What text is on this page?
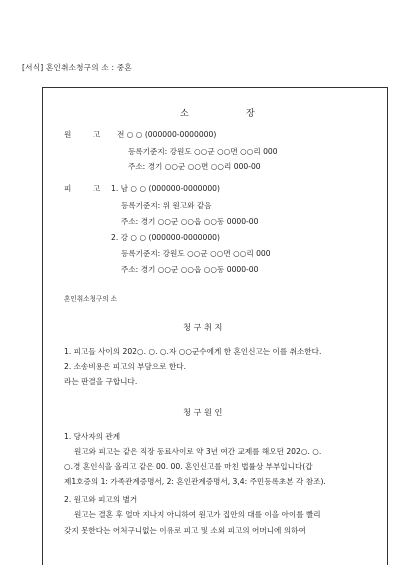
[서식] 혼인취소청구의 소 : 중혼
소	장
원	고 전 ○ ○ (000000-0000000)
등록기준지: 강원도 ○○군 ○○면 ○○리 000
주소: 경기 ○○군 ○○면 ○○리 000-00
피	고 1. 남 ○ ○ (000000-0000000)
등록기준지: 위 원고와 같음
주소: 경기 ○○군 ○○읍 ○○동 0000-00
2. 강 ○ ○ (000000-0000000)
등록기준지: 강원도 ○○군 ○○면 ○○리 000
주소: 경기 ○○군 ○○읍 ○○동 0000-00
혼인취소청구의 소
청 구 취 지
1. 피고들 사이의 202○. ○. ○.자 ○○군수에게 한 혼인신고는 이를 취소한다.
2. 소송비용은 피고의 부담으로 한다.
라는 판결을 구합니다.
청 구 원 인
1. 당사자의 관계
원고와 피고는 같은 직장 동료사이로 약 3년 여간 교제를 해오던 202○. ○.
○.경 혼인식을 올리고 같은 00. 00. 혼인신고를 마친 법률상 부부입니다(갑
제1호증의 1: 가족관계증명서, 2: 혼인관계증명서, 3,4: 주민등록초본 각 참조).
2. 원고와 피고의 별거
원고는 결혼 후 얼마 지나지 아니하여 원고가 집안의 대를 이을 아이를 빨리
갖지 못한다는 어처구니없는 이유로 피고 및 소외 피고의 어머니에 의하여
